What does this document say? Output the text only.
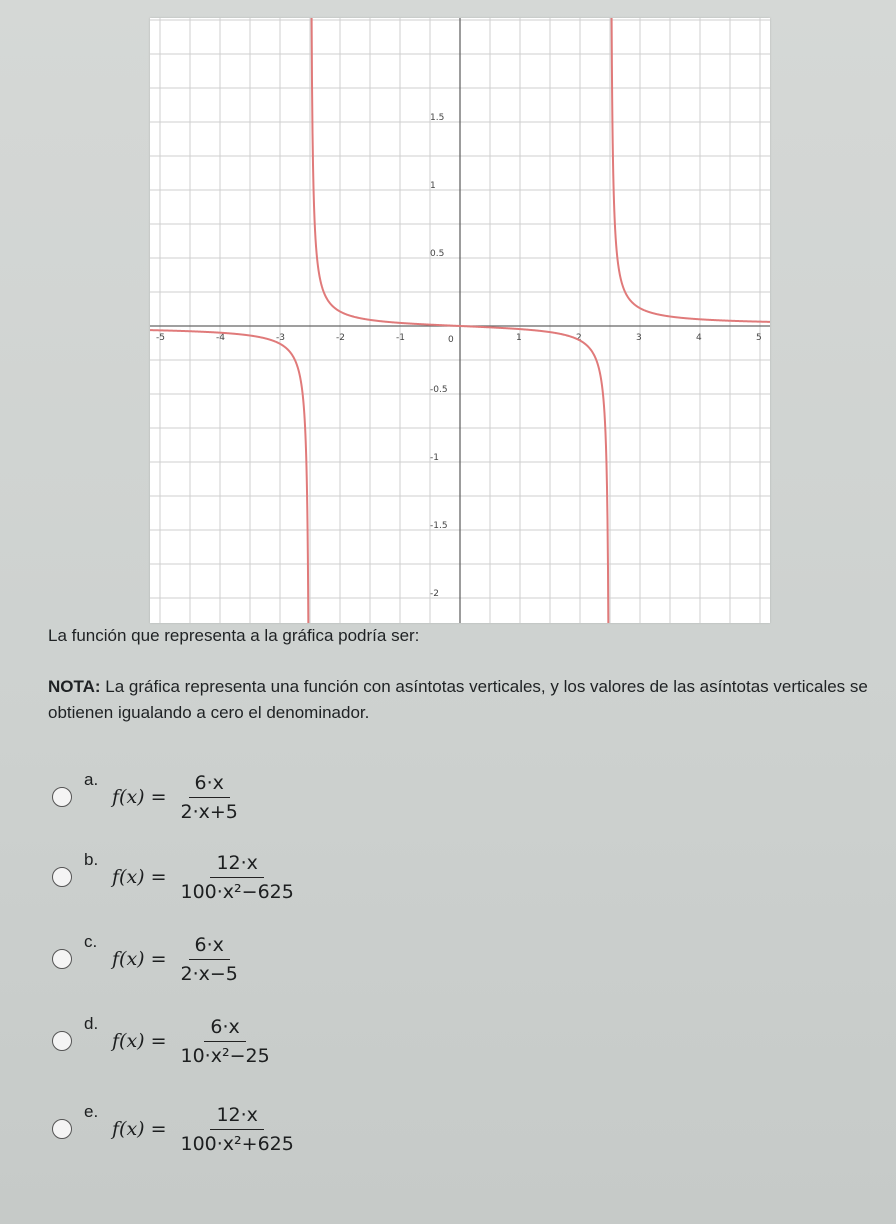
-5	-4	-3	-2	-1	0	1	2	3	4	5
1.5
1
0.5
-0.5
-1
-1.5
-2
La función que representa a la gráfica podría ser:
NOTA: La gráfica representa una función con asíntotas verticales, y los valores de las asíntotas verticales se obtienen igualando a cero el denominador.
a.
$f(x) = \frac{6\cdot x}{2\cdot x+5}$
b.
$f(x) = \frac{12\cdot x}{\text{100·x²−625}}$
c.
$f(x) = \frac{6\cdot x}{2\cdot x-5}$
d.
$f(x) = \frac{6\cdot x}{\text{10·x²−25}}$
e.
$f(x) = \frac{12\cdot x}{\text{100·x²+625}}$
